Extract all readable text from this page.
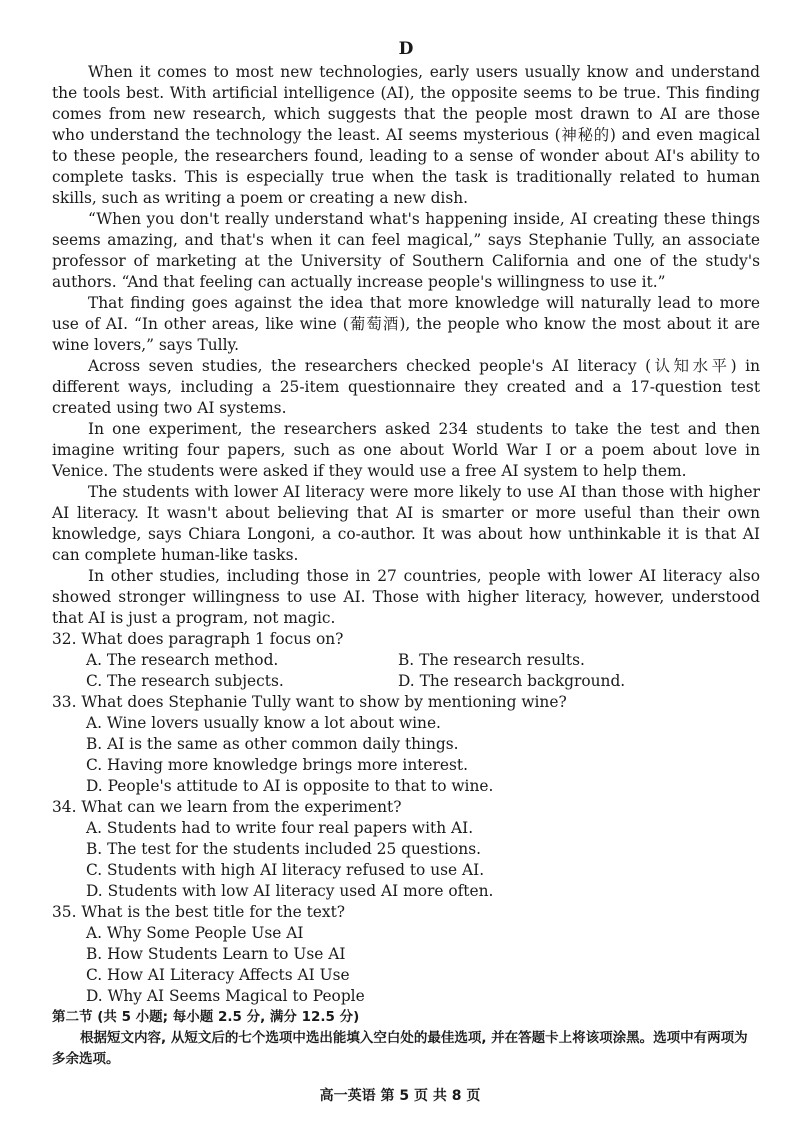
D

When it comes to most new technologies, early users usually know and understand the tools best. With artificial intelligence (AI), the opposite seems to be true. This finding comes from new research, which suggests that the people most drawn to AI are those who understand the technology the least. AI seems mysterious (神秘的) and even magical to these people, the researchers found, leading to a sense of wonder about AI's ability to complete tasks. This is especially true when the task is traditionally related to human skills, such as writing a poem or creating a new dish.

“When you don't really understand what's happening inside, AI creating these things seems amazing, and that's when it can feel magical,” says Stephanie Tully, an associate professor of marketing at the University of Southern California and one of the study's authors. “And that feeling can actually increase people's willingness to use it.”

That finding goes against the idea that more knowledge will naturally lead to more use of AI. “In other areas, like wine (葡萄酒), the people who know the most about it are wine lovers,” says Tully.

Across seven studies, the researchers checked people's AI literacy (认知水平) in different ways, including a 25-item questionnaire they created and a 17-question test created using two AI systems.

In one experiment, the researchers asked 234 students to take the test and then imagine writing four papers, such as one about World War I or a poem about love in Venice. The students were asked if they would use a free AI system to help them.

The students with lower AI literacy were more likely to use AI than those with higher AI literacy. It wasn't about believing that AI is smarter or more useful than their own knowledge, says Chiara Longoni, a co-author. It was about how unthinkable it is that AI can complete human-like tasks.

In other studies, including those in 27 countries, people with lower AI literacy also showed stronger willingness to use AI. Those with higher literacy, however, understood that AI is just a program, not magic.

32. What does paragraph 1 focus on?

A. The research method.	B. The research results.
C. The research subjects.	D. The research background.

33. What does Stephanie Tully want to show by mentioning wine?

A. Wine lovers usually know a lot about wine.
B. AI is the same as other common daily things.
C. Having more knowledge brings more interest.
D. People's attitude to AI is opposite to that to wine.

34. What can we learn from the experiment?

A. Students had to write four real papers with AI.
B. The test for the students included 25 questions.
C. Students with high AI literacy refused to use AI.
D. Students with low AI literacy used AI more often.

35. What is the best title for the text?

A. Why Some People Use AI
B. How Students Learn to Use AI
C. How AI Literacy Affects AI Use
D. Why AI Seems Magical to People
第二节 (共 5 小题; 每小题 2.5 分, 满分 12.5 分)

根据短文内容, 从短文后的七个选项中选出能填入空白处的最佳选项, 并在答题卡上将该项涂黑。选项中有两项为多余选项。

高一英语 第 5 页 共 8 页
